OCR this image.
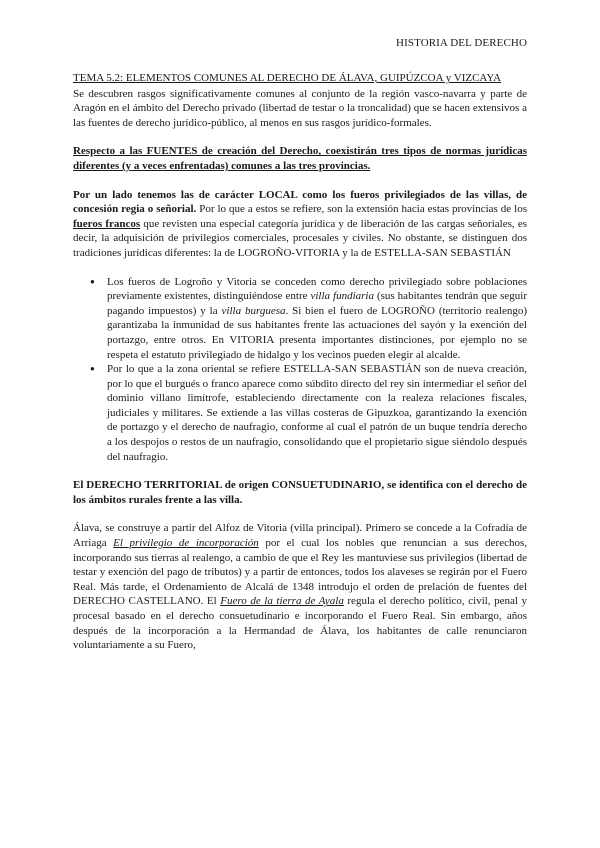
HISTORIA DEL DERECHO

TEMA 5.2: ELEMENTOS COMUNES AL DERECHO DE ÁLAVA, GUIPÚZCOA y VIZCAYA

Se descubren rasgos significativamente comunes al conjunto de la región vasco-navarra y parte de Aragón en el ámbito del Derecho privado (libertad de testar o la troncalidad) que se hacen extensivos a las fuentes de derecho jurídico-público, al menos en sus rasgos jurídico-formales.

Respecto a las FUENTES de creación del Derecho, coexistirán tres tipos de normas jurídicas diferentes (y a veces enfrentadas) comunes a las tres provincias.

Por un lado tenemos las de carácter LOCAL como los fueros privilegiados de las villas, de concesión regia o señorial. Por lo que a estos se refiere, son la extensión hacia estas provincias de los fueros francos que revisten una especial categoría jurídica y de liberación de las cargas señoriales, es decir, la adquisición de privilegios comerciales, procesales y civiles. No obstante, se distinguen dos tradiciones jurídicas diferentes: la de LOGROÑO-VITORIA y la de ESTELLA-SAN SEBASTIÁN

● Los fueros de Logroño y Vitoria se conceden como derecho privilegiado sobre poblaciones previamente existentes, distinguiéndose entre villa fundiaria (sus habitantes tendrán que seguir pagando impuestos) y la villa burguesa. Si bien el fuero de LOGROÑO (territorio realengo) garantizaba la inmunidad de sus habitantes frente las actuaciones del sayón y la exención del portazgo, entre otros. En VITORIA presenta importantes distinciones, por ejemplo no se respeta el estatuto privilegiado de hidalgo y los vecinos pueden elegir al alcalde.
● Por lo que a la zona oriental se refiere ESTELLA-SAN SEBASTIÁN son de nueva creación, por lo que el burgués o franco aparece como súbdito directo del rey sin intermediar el señor del dominio villano limítrofe, estableciendo directamente con la realeza relaciones fiscales, judiciales y militares. Se extiende a las villas costeras de Gipuzkoa, garantizando la exención de portazgo y el derecho de naufragio, conforme al cual el patrón de un buque tendría derecho a los despojos o restos de un naufragio, consolidando que el propietario sigue siéndolo después del naufragio.

El DERECHO TERRITORIAL de origen CONSUETUDINARIO, se identifica con el derecho de los ámbitos rurales frente a las villa.

Álava, se construye a partir del Alfoz de Vitoria (villa principal). Primero se concede a la Cofradía de Arriaga El privilegio de incorporación por el cual los nobles que renuncian a sus derechos, incorporando sus tierras al realengo, a cambio de que el Rey les mantuviese sus privilegios (libertad de testar y exención del pago de tributos) y a partir de entonces, todos los alaveses se regirán por el Fuero Real. Más tarde, el Ordenamiento de Alcalá de 1348 introdujo el orden de prelación de fuentes del DERECHO CASTELLANO. El Fuero de la tierra de Ayala regula el derecho político, civil, penal y procesal basado en el derecho consuetudinario e incorporando el Fuero Real. Sin embargo, años después de la incorporación a la Hermandad de Álava, los habitantes de calle renunciaron voluntariamente a su Fuero,
